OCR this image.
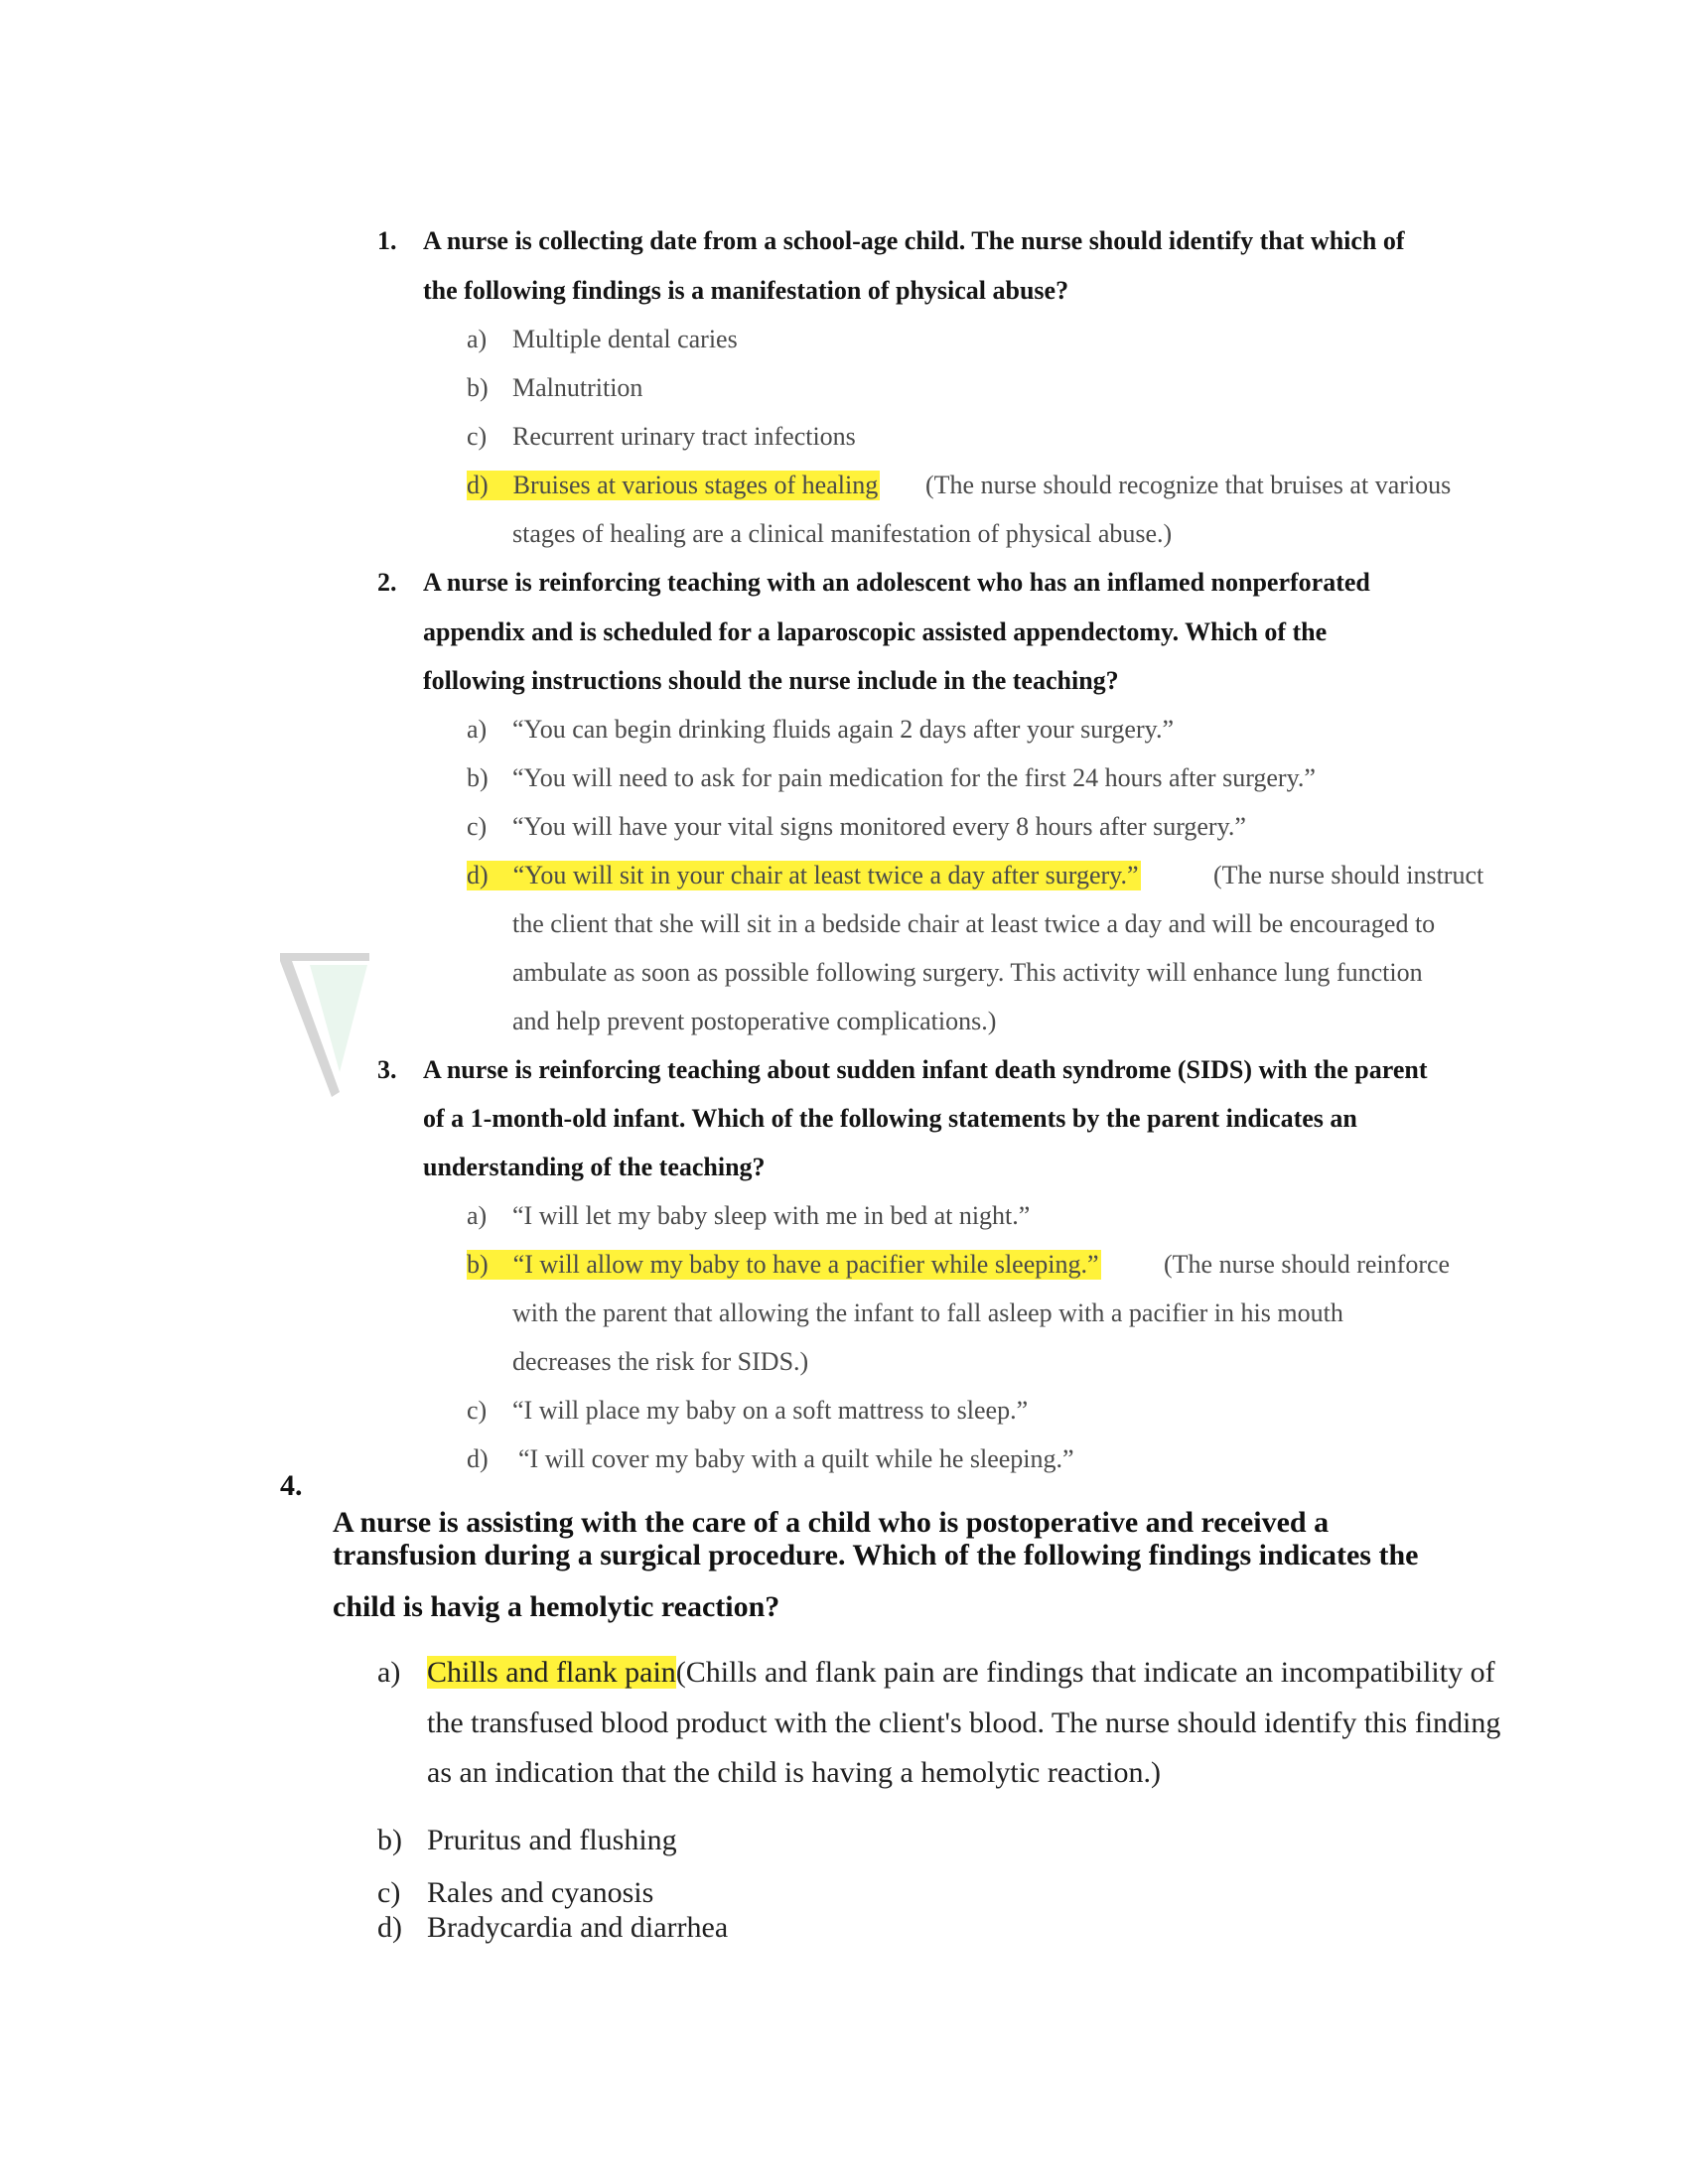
1. A nurse is collecting date from a school-age child. The nurse should identify that which of
the following findings is a manifestation of physical abuse?
a) Multiple dental caries
b) Malnutrition
c) Recurrent urinary tract infections
d) Bruises at various stages of healing (The nurse should recognize that bruises at various
stages of healing are a clinical manifestation of physical abuse.)
2. A nurse is reinforcing teaching with an adolescent who has an inflamed nonperforated
appendix and is scheduled for a laparoscopic assisted appendectomy. Which of the
following instructions should the nurse include in the teaching?
a) “You can begin drinking fluids again 2 days after your surgery.”
b) “You will need to ask for pain medication for the first 24 hours after surgery.”
c) “You will have your vital signs monitored every 8 hours after surgery.”
d) “You will sit in your chair at least twice a day after surgery.”	(The nurse should instruct
the client that she will sit in a bedside chair at least twice a day and will be encouraged to
ambulate as soon as possible following surgery. This activity will enhance lung function
and help prevent postoperative complications.)
3. A nurse is reinforcing teaching about sudden infant death syndrome (SIDS) with the parent
of a 1-month-old infant. Which of the following statements by the parent indicates an
understanding of the teaching?
a) “I will let my baby sleep with me in bed at night.”
b) “I will allow my baby to have a pacifier while sleeping.”	(The nurse should reinforce
with the parent that allowing the infant to fall asleep with a pacifier in his mouth
decreases the risk for SIDS.)
c) “I will place my baby on a soft mattress to sleep.”
d) “I will cover my baby with a quilt while he sleeping.”
4.
A nurse is assisting with the care of a child who is postoperative and received a
transfusion during a surgical procedure. Which of the following findings indicates the
child is havig a hemolytic reaction?
a) Chills and flank pain(Chills and flank pain are findings that indicate an incompatibility of
the transfused blood product with the client's blood. The nurse should identify this finding
as an indication that the child is having a hemolytic reaction.)
b) Pruritus and flushing
c) Rales and cyanosis
d) Bradycardia and diarrhea
